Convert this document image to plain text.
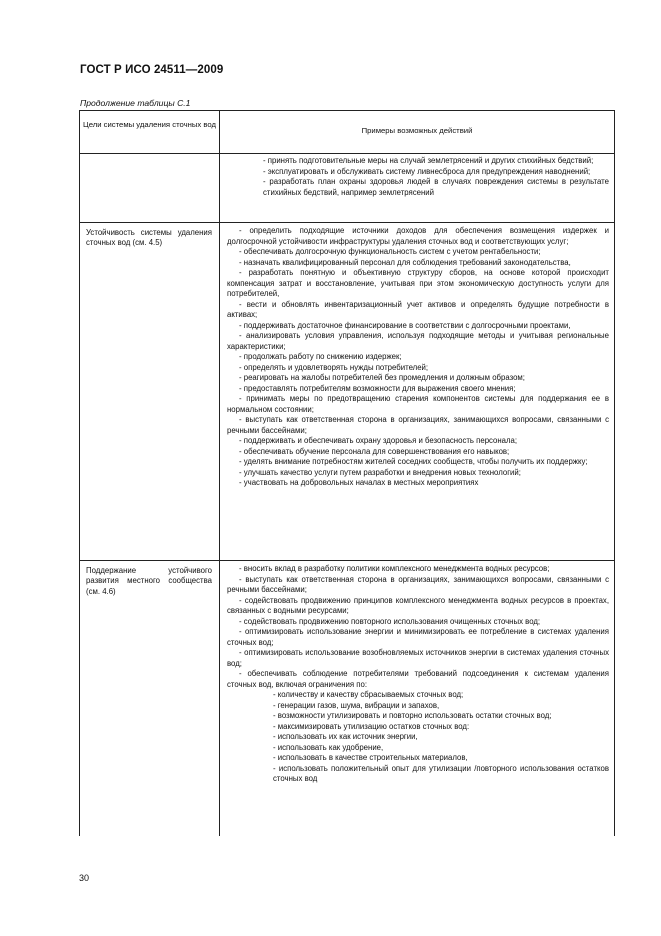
ГОСТ Р ИСО 24511—2009
Продолжение таблицы С.1
Цели системы удаления сточных вод
Примеры возможных действий

- принять подготовительные меры на случай землетрясений и других стихийных бедствий;

- эксплуатировать и обслуживать систему ливнесброса для предупреждения наводнений;

- разработать план охраны здоровья людей в случаях повреждения системы в результате стихийных бедствий, например землетрясений

Устойчивость системы удаления сточных вод (см. 4.5)

- определить подходящие источники доходов для обеспечения возмещения издержек и долгосрочной устойчивости инфраструктуры удаления сточных вод и соответствующих услуг;

- обеспечивать долгосрочную функциональность систем с учетом рентабельности;

- назначать квалифицированный персонал для соблюдения требований законодательства,

- разработать понятную и объективную структуру сборов, на основе которой происходит компенсация затрат и восстановление, учитывая при этом экономическую доступность услуги для потребителей,

- вести и обновлять инвентаризационный учет активов и определять будущие потребности в активах;

- поддерживать достаточное финансирование в соответствии с долгосрочными проектами,

- анализировать условия управления, используя подходящие методы и учитывая региональные характеристики;

- продолжать работу по снижению издержек;

- определять и удовлетворять нужды потребителей;

- реагировать на жалобы потребителей без промедления и должным образом;

- предоставлять потребителям возможности для выражения своего мнения;

- принимать меры по предотвращению старения компонентов системы для поддержания ее в нормальном состоянии;

- выступать как ответственная сторона в организациях, занимающихся вопросами, связанными с речными бассейнами;

- поддерживать и обеспечивать охрану здоровья и безопасность персонала;

- обеспечивать обучение персонала для совершенствования его навыков;

- уделять внимание потребностям жителей соседних сообществ, чтобы получить их поддержку;

- улучшать качество услуги путем разработки и внедрения новых технологий;

- участвовать на добровольных началах в местных мероприятиях

Поддержание устойчивого развития местного сообщества (см. 4.6)

- вносить вклад в разработку политики комплексного менеджмента водных ресурсов;

- выступать как ответственная сторона в организациях, занимающихся вопросами, связанными с речными бассейнами;

- содействовать продвижению принципов комплексного менеджмента водных ресурсов в проектах, связанных с водными ресурсами;

- содействовать продвижению повторного использования очищенных сточных вод;

- оптимизировать использование энергии и минимизировать ее потребление в системах удаления сточных вод;

- оптимизировать использование возобновляемых источников энергии в системах удаления сточных вод;

- обеспечивать соблюдение потребителями требований подсоединения к системам удаления сточных вод, включая ограничения по:

- количеству и качеству сбрасываемых сточных вод;

- генерации газов, шума, вибрации и запахов,

- возможности утилизировать и повторно использовать остатки сточных вод;

- максимизировать утилизацию остатков сточных вод:

- использовать их как источник энергии,

- использовать как удобрение,

- использовать в качестве строительных материалов,

- использовать положительный опыт для утилизации /повторного использования остатков сточных вод

30
